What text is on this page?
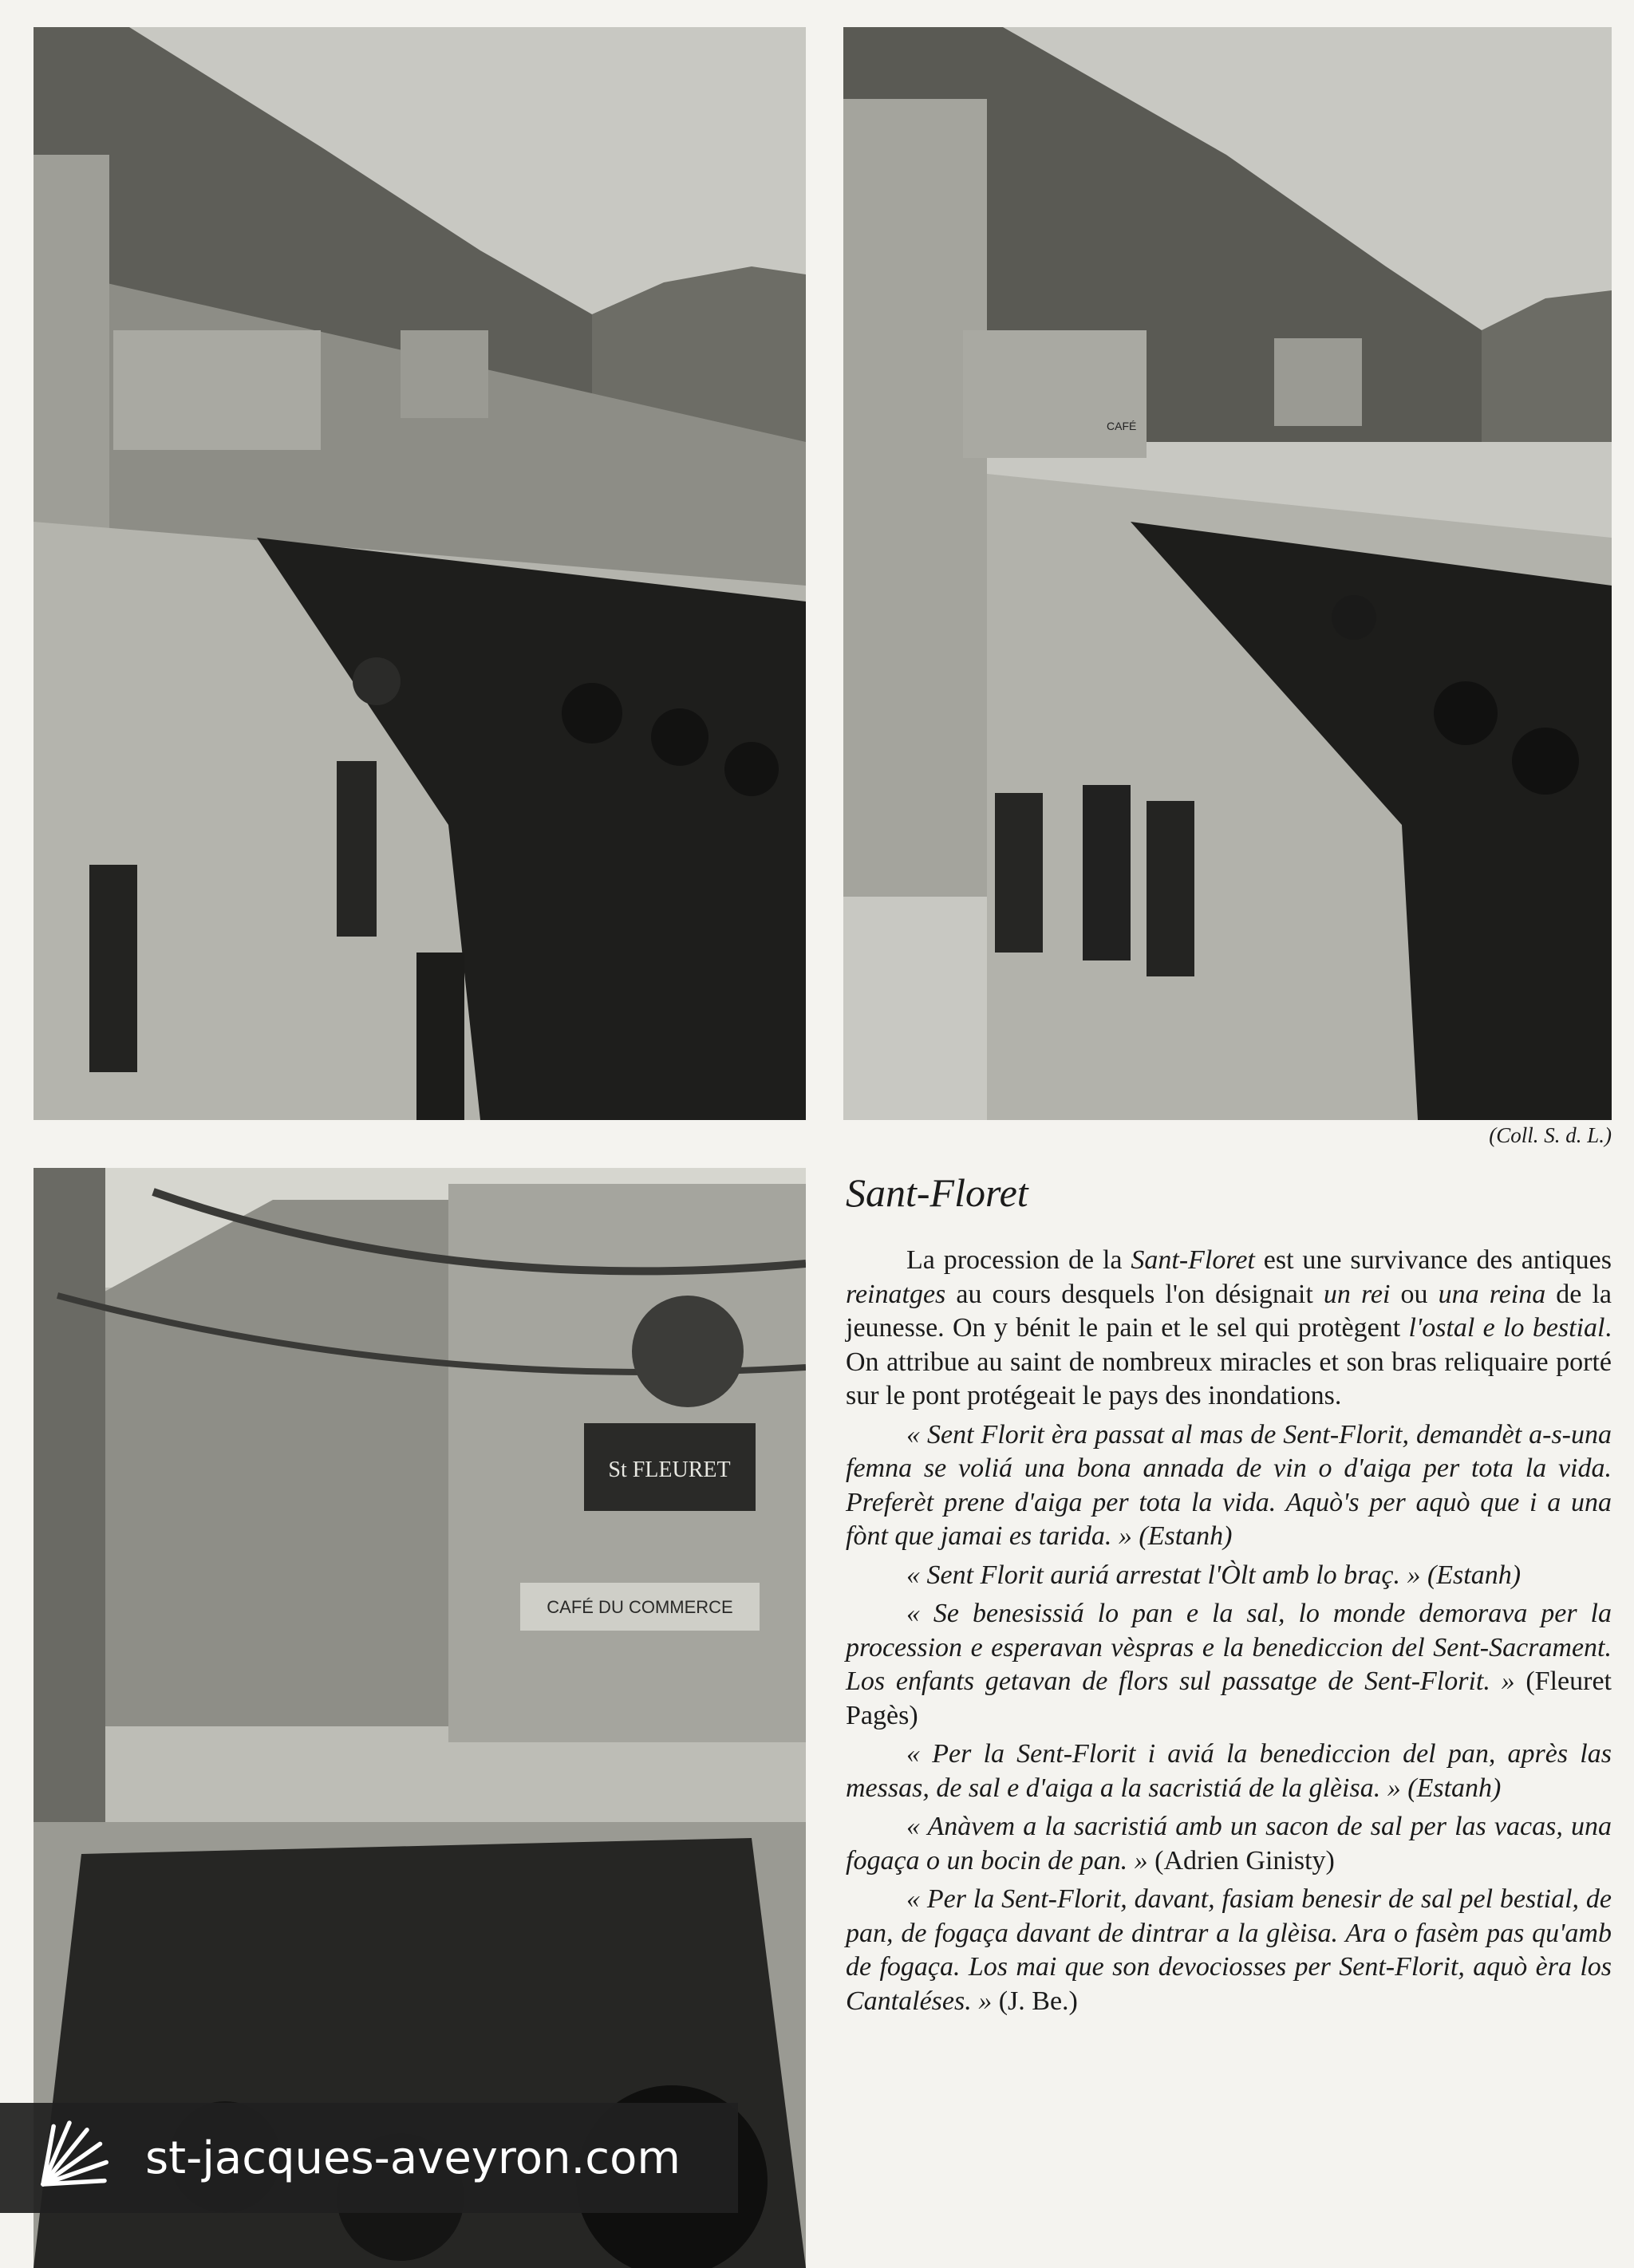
CAFÉ
(Coll. S. d. L.)
St FLEURET
CAFÉ DU COMMERCE
Sant-Floret

La procession de la Sant-Floret est une survivance des antiques reinatges au cours desquels l'on désignait un rei ou una reina de la jeunesse. On y bénit le pain et le sel qui protègent l'ostal e lo bestial. On attribue au saint de nombreux miracles et son bras reliquaire porté sur le pont protégeait le pays des inondations.

« Sent Florit èra passat al mas de Sent-Florit, demandèt a-s-una femna se voliá una bona annada de vin o d'aiga per tota la vida. Preferèt prene d'aiga per tota la vida. Aquò's per aquò que i a una fònt que jamai es tarida. » (Estanh)

« Sent Florit auriá arrestat l'Òlt amb lo braç. » (Estanh)

« Se benesissiá lo pan e la sal, lo monde demorava per la procession e esperavan vèspras e la benediccion del Sent-Sacrament. Los enfants getavan de flors sul passatge de Sent-Florit. » (Fleuret Pagès)

« Per la Sent-Florit i aviá la benediccion del pan, après las messas, de sal e d'aiga a la sacristiá de la glèisa. » (Estanh)

« Anàvem a la sacristiá amb un sacon de sal per las vacas, una fogaça o un bocin de pan. » (Adrien Ginisty)

« Per la Sent-Florit, davant, fasiam benesir de sal pel bestial, de pan, de fogaça davant de dintrar a la glèisa. Ara o fasèm pas qu'amb de fogaça. Los mai que son devociosses per Sent-Florit, aquò èra los Cantaléses. » (J. Be.)

st-jacques-aveyron.com
